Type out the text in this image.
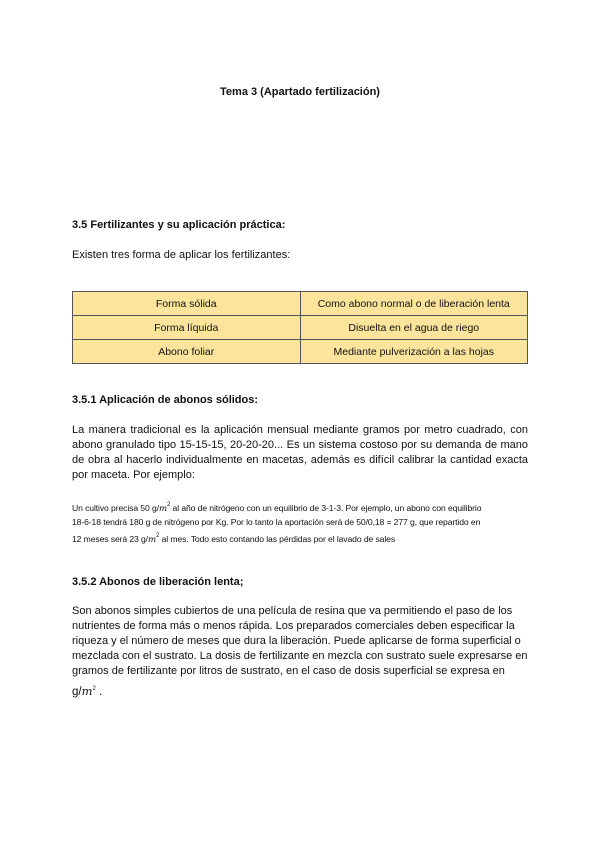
Tema 3 (Apartado fertilización)
3.5 Fertilizantes y su aplicación práctica:
Existen tres forma de aplicar los fertilizantes:
Forma sólida	Como abono normal o de liberación lenta
Forma líquida	Disuelta en el agua de riego
Abono foliar	Mediante pulverización a las hojas
3.5.1 Aplicación de abonos sólidos:
La manera tradicional es la aplicación mensual mediante gramos por metro cuadrado, con abono granulado tipo 15-15-15, 20-20-20... Es un sistema costoso por su demanda de mano de obra al hacerlo individualmente en macetas, además es difícil calibrar la cantidad exacta por maceta. Por ejemplo:
Un cultivo precisa 50 $g/m^2$ al año de nitrógeno con un equilibrio de 3-1-3. Por ejemplo, un abono con equilibrio
18-6-18 tendrá 180 g de nitrógeno por Kg. Por lo tanto la aportación será de 50/0,18 = 277 g, que repartido en
12 meses será 23 $g/m^2$ al mes. Todo esto contando las pérdidas por el lavado de sales
3.5.2 Abonos de liberación lenta;
Son abonos simples cubiertos de una película de resina que va permitiendo el paso de los nutrientes de forma más o menos rápida. Los preparados comerciales deben especificar la riqueza y el número de meses que dura la liberación. Puede aplicarse de forma superficial o mezclada con el sustrato. La dosis de fertilizante en mezcla con sustrato suele expresarse en gramos de fertilizante por litros de sustrato, en el caso de dosis superficial se expresa en
$g/m^2$ .
